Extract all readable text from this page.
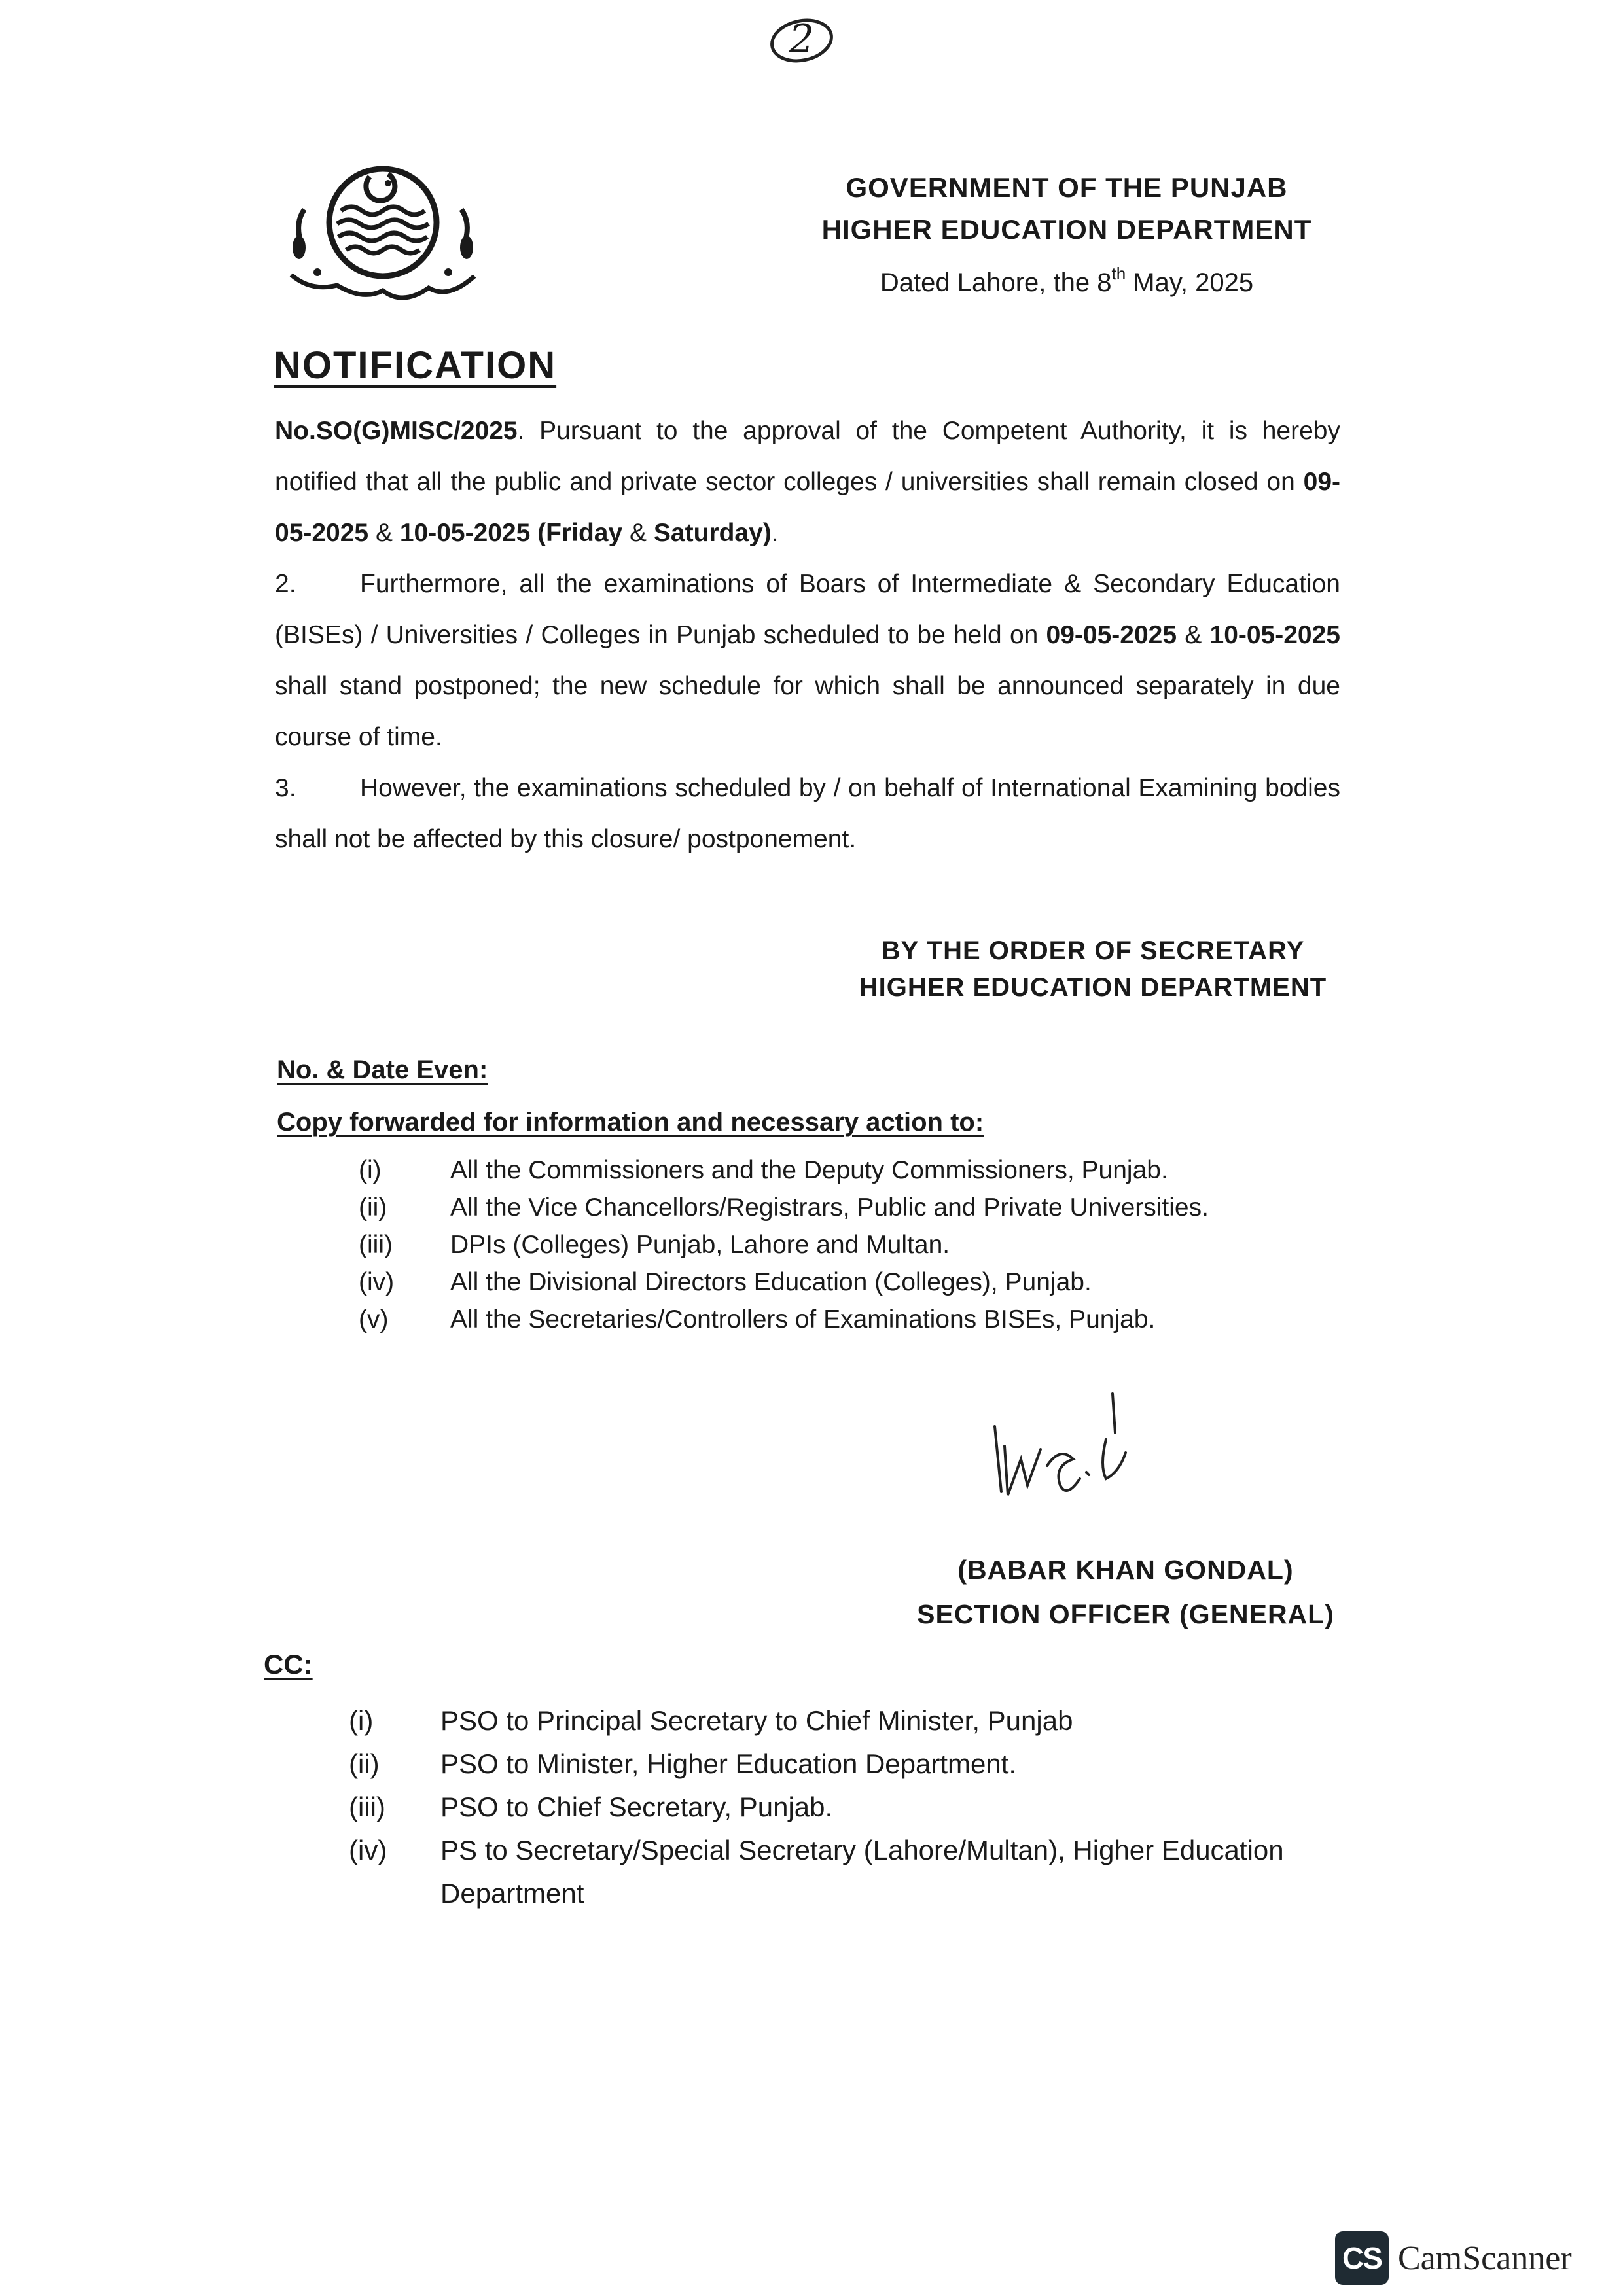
2
GOVERNMENT OF THE PUNJAB
HIGHER EDUCATION DEPARTMENT
Dated Lahore, the 8th May, 2025
NOTIFICATION

No.SO(G)MISC/2025. Pursuant to the approval of the Competent Authority, it is hereby notified that all the public and private sector colleges / universities shall remain closed on 09-05-2025 & 10-05-2025 (Friday & Saturday).

2. Furthermore, all the examinations of Boars of Intermediate & Secondary Education (BISEs) / Universities / Colleges in Punjab scheduled to be held on 09-05-2025 & 10-05-2025 shall stand postponed; the new schedule for which shall be announced separately in due course of time.

3. However, the examinations scheduled by / on behalf of International Examining bodies shall not be affected by this closure/ postponement.

BY THE ORDER OF SECRETARY
HIGHER EDUCATION DEPARTMENT
No. & Date Even:
Copy forwarded for information and necessary action to:
(i)	All the Commissioners and the Deputy Commissioners, Punjab.
(ii)	All the Vice Chancellors/Registrars, Public and Private Universities.
(iii)	DPIs (Colleges) Punjab, Lahore and Multan.
(iv)	All the Divisional Directors Education (Colleges), Punjab.
(v)	All the Secretaries/Controllers of Examinations BISEs, Punjab.
(BABAR KHAN GONDAL)
SECTION OFFICER (GENERAL)
CC:
(i)	PSO to Principal Secretary to Chief Minister, Punjab
(ii)	PSO to Minister, Higher Education Department.
(iii)	PSO to Chief Secretary, Punjab.
(iv)	PS to Secretary/Special Secretary (Lahore/Multan), Higher Education Department
CS CamScanner
